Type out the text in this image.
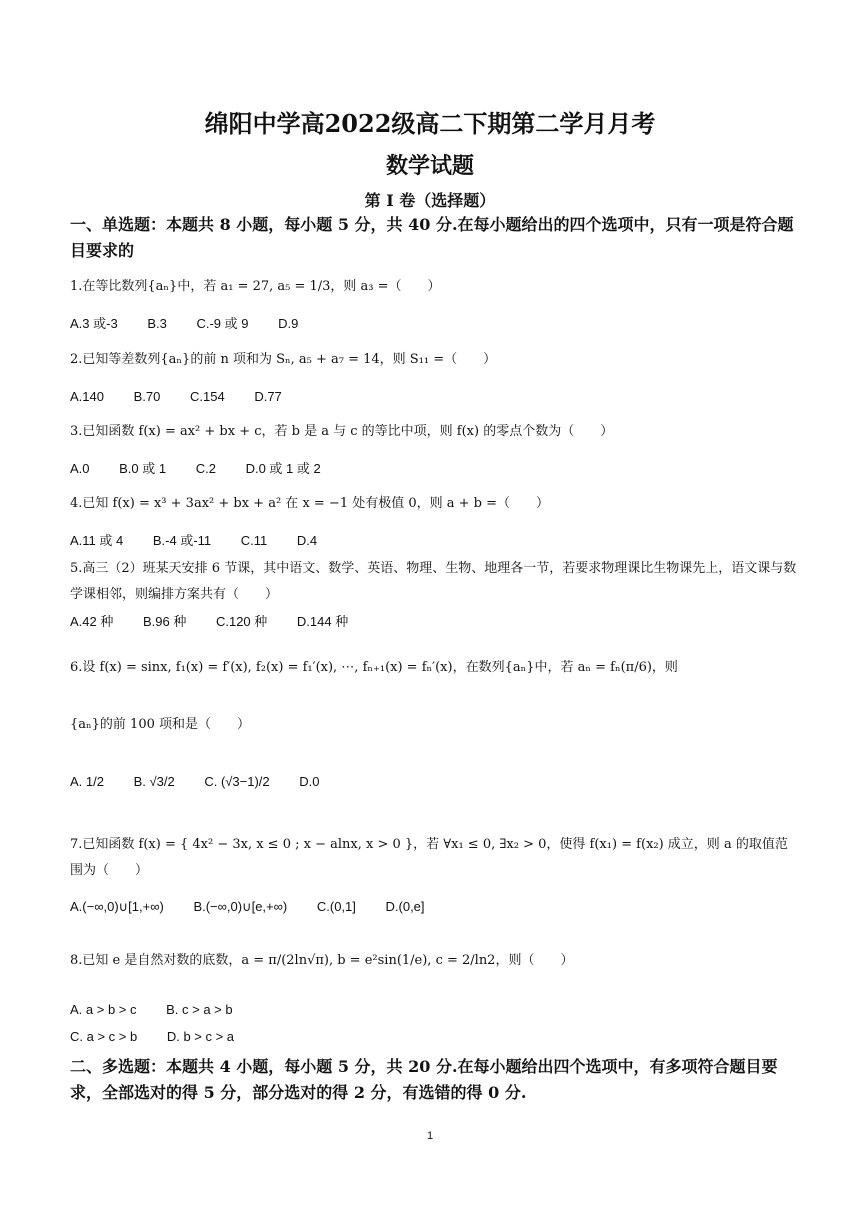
绵阳中学高2022级高二下期第二学月月考
数学试题
第 I 卷（选择题）
一、单选题：本题共 8 小题，每小题 5 分，共 40 分.在每小题给出的四个选项中，只有一项是符合题目要求的
1.在等比数列{aₙ}中，若 a₁ = 27, a₅ = 1/3，则 a₃ =（　　）
A.3 或-3 B.3 C.-9 或 9 D.9
2.已知等差数列{aₙ}的前 n 项和为 Sₙ, a₅ + a₇ = 14，则 S₁₁ =（　　）
A.140 B.70 C.154 D.77
3.已知函数 f(x) = ax² + bx + c，若 b 是 a 与 c 的等比中项，则 f(x) 的零点个数为（　　）
A.0 B.0 或 1 C.2 D.0 或 1 或 2
4.已知 f(x) = x³ + 3ax² + bx + a² 在 x = −1 处有极值 0，则 a + b =（　　）
A.11 或 4 B.-4 或-11 C.11 D.4
5.高三（2）班某天安排 6 节课，其中语文、数学、英语、物理、生物、地理各一节，若要求物理课比生物课先上，语文课与数学课相邻，则编排方案共有（　　）
A.42 种 B.96 种 C.120 种 D.144 种
6.设 f(x) = sinx, f₁(x) = f′(x), f₂(x) = f₁′(x), ⋯, fₙ₊₁(x) = fₙ′(x)，在数列{aₙ}中，若 aₙ = fₙ(π/6)，则
{aₙ}的前 100 项和是（　　）
A. 1/2 B. √3/2 C. (√3−1)/2 D.0
7.已知函数 f(x) = { 4x² − 3x, x ≤ 0 ; x − alnx, x > 0 }，若 ∀x₁ ≤ 0, ∃x₂ > 0，使得 f(x₁) = f(x₂) 成立，则 a 的取值范围为（　　）
A.(−∞,0)∪[1,+∞) B.(−∞,0)∪[e,+∞) C.(0,1] D.(0,e]
8.已知 e 是自然对数的底数，a = π/(2ln√π), b = e²sin(1/e), c = 2/ln2，则（　　）
A. a > b > c B. c > a > b
C. a > c > b D. b > c > a
二、多选题：本题共 4 小题，每小题 5 分，共 20 分.在每小题给出四个选项中，有多项符合题目要求，全部选对的得 5 分，部分选对的得 2 分，有选错的得 0 分.
1
